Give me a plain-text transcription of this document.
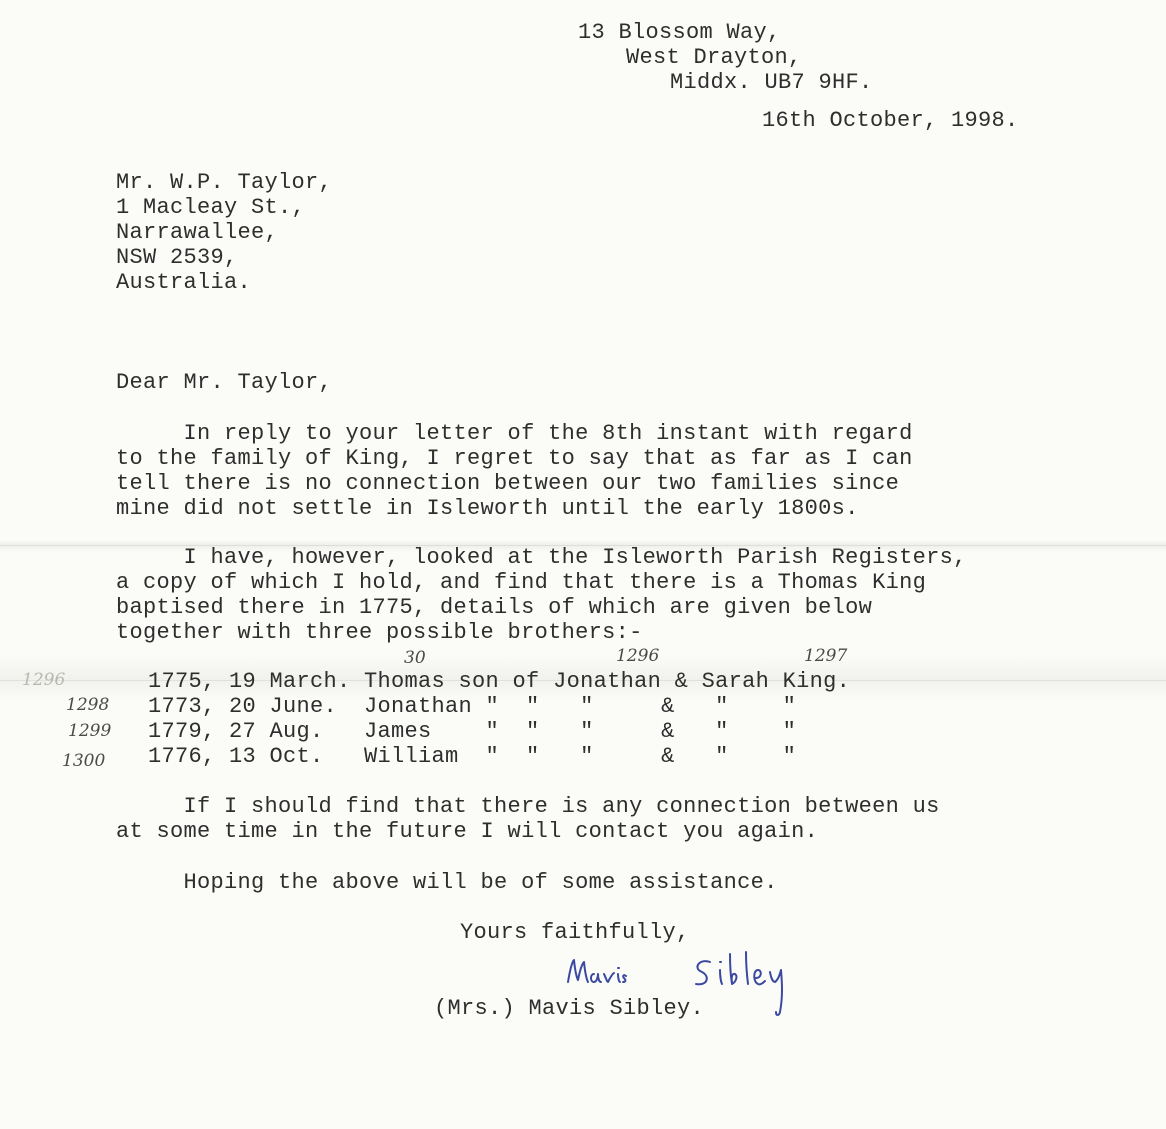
13 Blossom Way,
West Drayton,
Middx. UB7 9HF.
16th October, 1998.
Mr. W.P. Taylor,
1 Macleay St.,
Narrawallee,
NSW 2539,
Australia.
Dear Mr. Taylor,
In reply to your letter of the 8th instant with regard
to the family of King, I regret to say that as far as I can
tell there is no connection between our two families since
mine did not settle in Isleworth until the early 1800s.
I have, however, looked at the Isleworth Parish Registers,
a copy of which I hold, and find that there is a Thomas King
baptised there in 1775, details of which are given below
together with three possible brothers:-
30	1296	1297
1296	1775, 19 March. Thomas son of Jonathan & Sarah King.
1298 1773, 20 June.  Jonathan "  "   "     &   "    "
1299 1779, 27 Aug.   James    "  "   "     &   "    "
1300 1776, 13 Oct.   William  "  "   "     &   "    "
If I should find that there is any connection between us
at some time in the future I will contact you again.
Hoping the above will be of some assistance.
Yours faithfully,
(Mrs.) Mavis Sibley.
